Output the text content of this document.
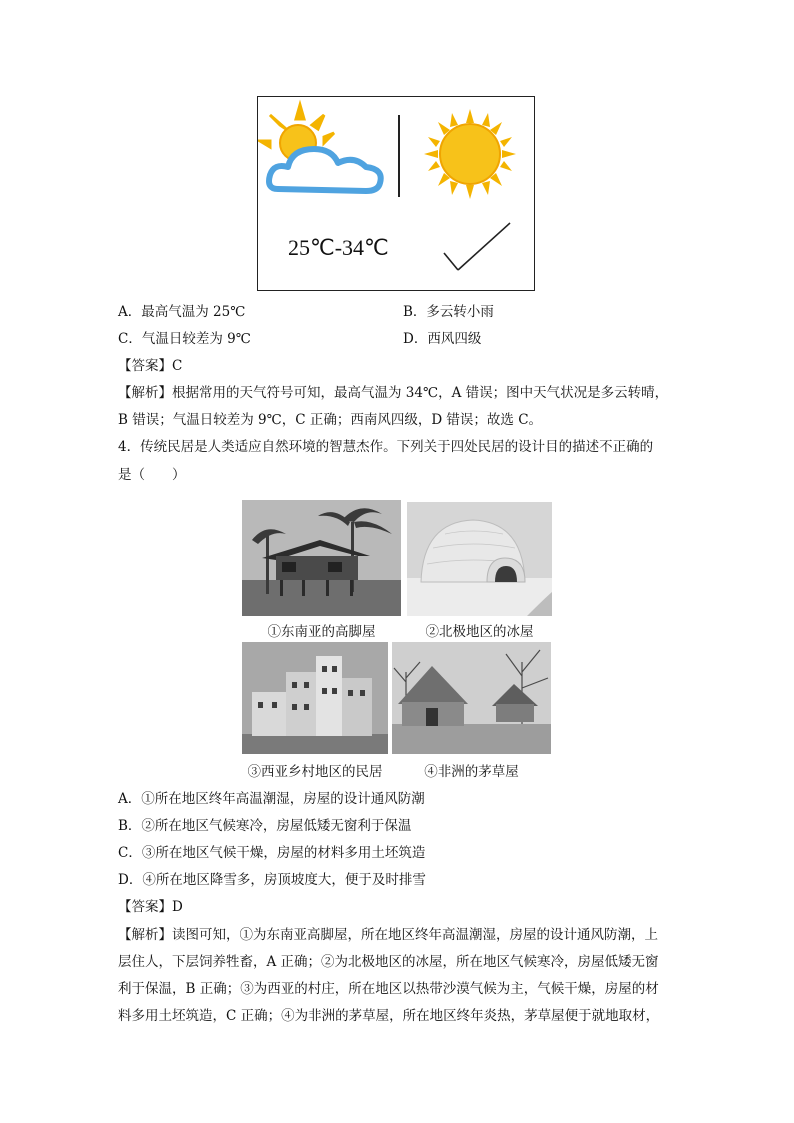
25℃-34℃
A．最高气温为 25℃	B．多云转小雨
C．气温日较差为 9℃	D．西风四级
【答案】C
【解析】根据常用的天气符号可知，最高气温为 34℃，A 错误；图中天气状况是多云转晴，
B 错误；气温日较差为 9℃，C 正确；西南风四级，D 错误；故选 C。
4．传统民居是人类适应自然环境的智慧杰作。下列关于四处民居的设计目的描述不正确的
是（　　）
①东南亚的高脚屋	②北极地区的冰屋
③西亚乡村地区的民居	④非洲的茅草屋
A．①所在地区终年高温潮湿，房屋的设计通风防潮
B．②所在地区气候寒冷，房屋低矮无窗利于保温
C．③所在地区气候干燥，房屋的材料多用土坯筑造
D．④所在地区降雪多，房顶坡度大，便于及时排雪
【答案】D
【解析】读图可知，①为东南亚高脚屋，所在地区终年高温潮湿，房屋的设计通风防潮，上
层住人，下层饲养牲畜，A 正确；②为北极地区的冰屋，所在地区气候寒冷，房屋低矮无窗
利于保温，B 正确；③为西亚的村庄，所在地区以热带沙漠气候为主，气候干燥，房屋的材
料多用土坯筑造，C 正确；④为非洲的茅草屋，所在地区终年炎热，茅草屋便于就地取材，
